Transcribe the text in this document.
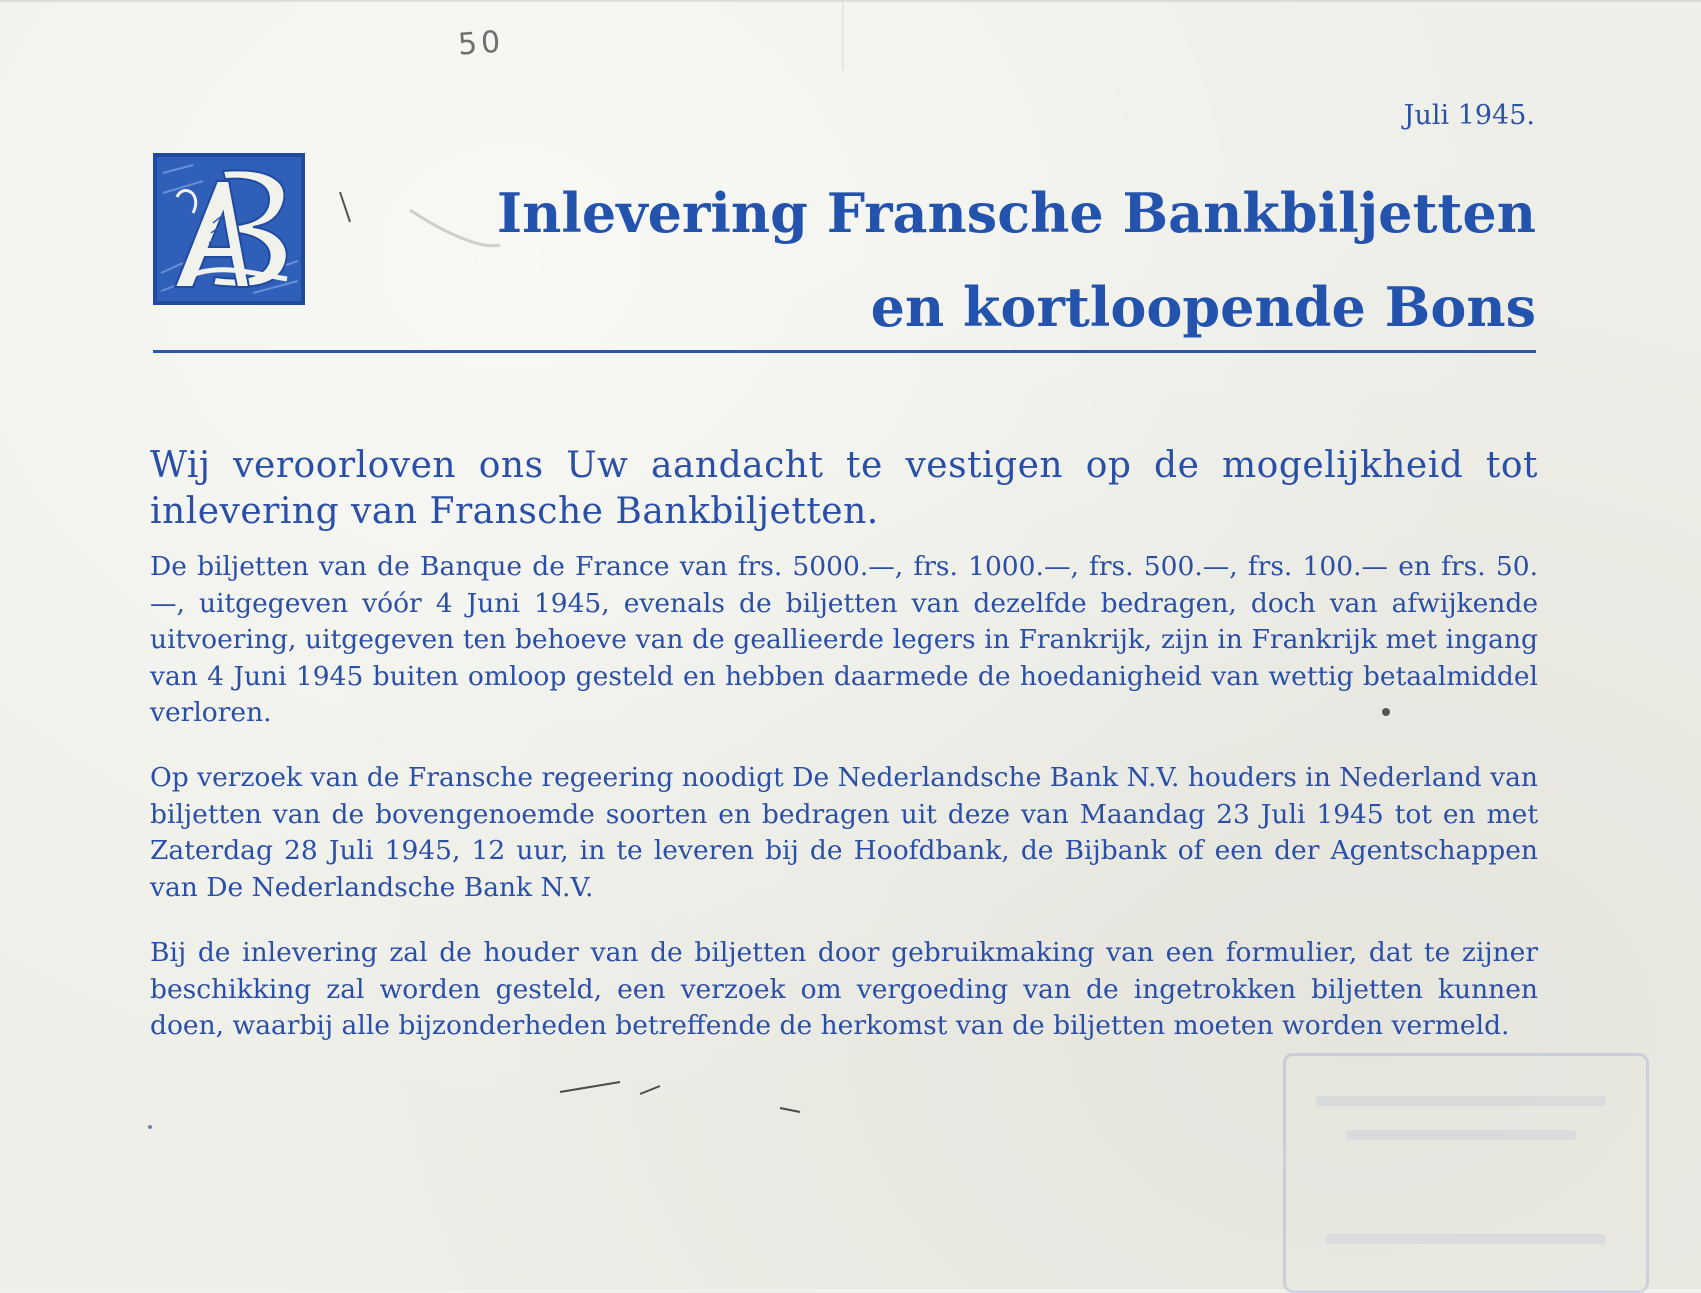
50
Juli 1945.
Inlevering Fransche Bankbiljetten
en kortloopende Bons
Wij veroorloven ons Uw aandacht te vestigen op de mogelijkheid tot inlevering van Fransche Bankbiljetten.
De biljetten van de Banque de France van frs. 5000.—, frs. 1000.—, frs. 500.—, frs. 100.— en frs. 50.—, uitgegeven vóór 4 Juni 1945, evenals de biljetten van dezelfde bedragen, doch van afwijkende uitvoering, uitgegeven ten behoeve van de geallieerde legers in Frankrijk, zijn in Frankrijk met ingang van 4 Juni 1945 buiten omloop gesteld en hebben daarmede de hoedanigheid van wettig betaalmiddel verloren.
Op verzoek van de Fransche regeering noodigt De Nederlandsche Bank N.V. houders in Nederland van biljetten van de bovengenoemde soorten en bedragen uit deze van Maandag 23 Juli 1945 tot en met Zaterdag 28 Juli 1945, 12 uur, in te leveren bij de Hoofdbank, de Bijbank of een der Agentschappen van De Nederlandsche Bank N.V.
Bij de inlevering zal de houder van de biljetten door gebruikmaking van een formulier, dat te zijner beschikking zal worden gesteld, een verzoek om vergoeding van de ingetrokken biljetten kunnen doen, waarbij alle bijzonderheden betreffende de herkomst van de biljetten moeten worden vermeld.
